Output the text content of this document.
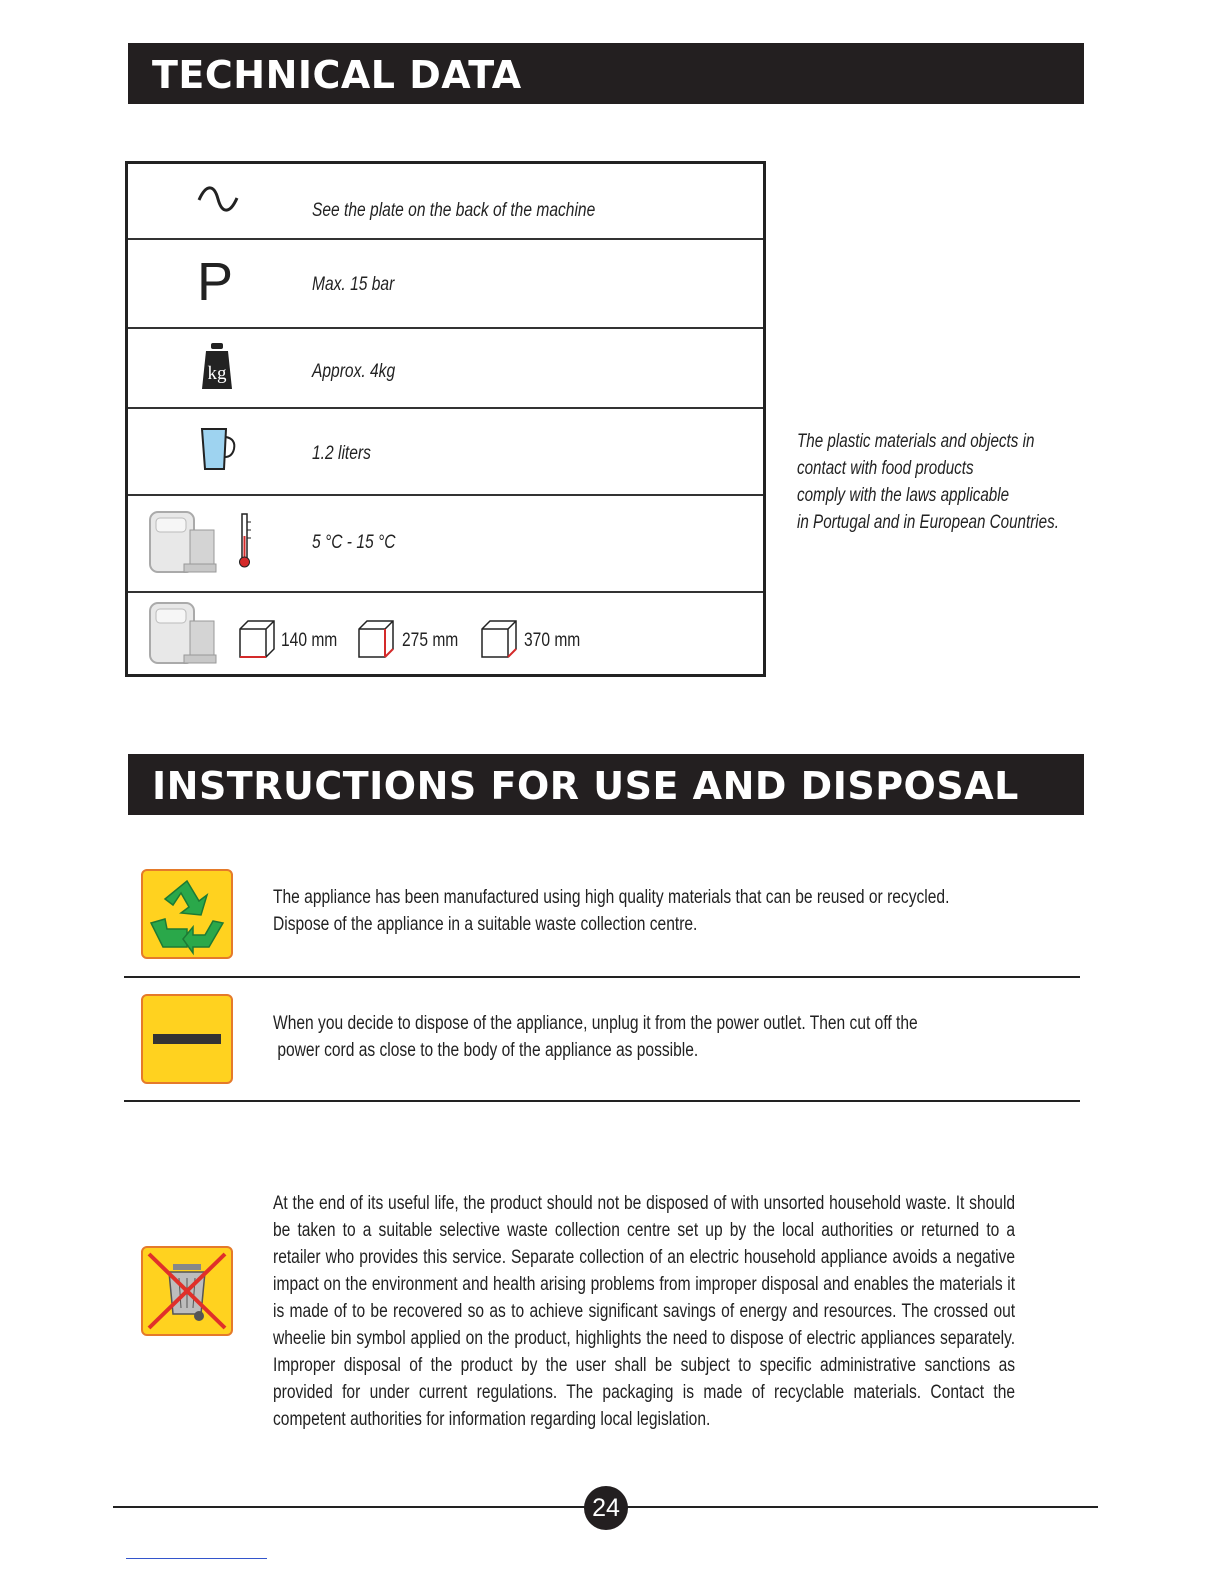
TECHNICAL DATA
See the plate on the back of the machine
P	Max. 15 bar
kg	Approx. 4kg
1.2 liters
5 °C - 15 °C
140 mm	275 mm	370 mm
The plastic materials and objects in
contact with food products
comply with the laws applicable
in Portugal and in European Countries.
INSTRUCTIONS FOR USE AND DISPOSAL
The appliance has been manufactured using high quality materials that can be reused or recycled.
Dispose of the appliance in a suitable waste collection centre.
When you decide to dispose of the appliance, unplug it from the power outlet. Then cut off the
power cord as close to the body of the appliance as possible.
At the end of its useful life, the product should not be disposed of with unsorted household waste. It should be taken to a suitable selective waste collection centre set up by the local authorities or returned to a retailer who provides this service. Separate collection of an electric household appliance avoids a negative impact on the environment and health arising problems from improper disposal and enables the materials it is made of to be recovered so as to achieve significant savings of energy and resources. The crossed out wheelie bin symbol applied on the product, highlights the need to dispose of electric appliances separately. Improper disposal of the product by the user shall be subject to specific administrative sanctions as provided for under current regulations. The packaging is made of recyclable materials. Contact the competent authorities for information regarding local legislation.
24
